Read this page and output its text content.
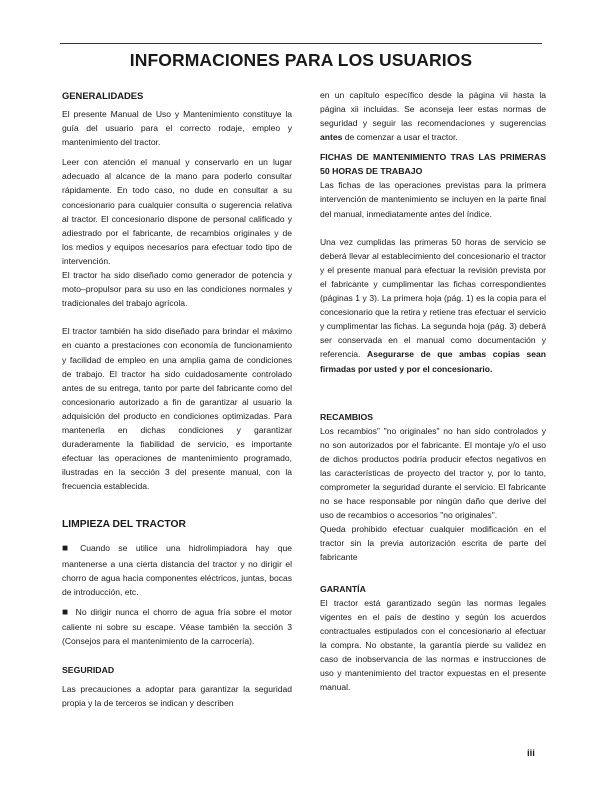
INFORMACIONES PARA LOS USUARIOS

GENERALIDADES

El presente Manual de Uso y Mantenimiento constituye la guía del usuario para el correcto rodaje, empleo y mantenimiento del tractor.

Leer con atención el manual y conservarlo en un lugar adecuado al alcance de la mano para poderlo consultar rápidamente. En todo caso, no dude en consultar a su concesionario para cualquier consulta o sugerencia relativa al tractor. El concesionario dispone de personal calificado y adiestrado por el fabricante, de recambios originales y de los medios y equipos necesarios para efectuar todo tipo de intervención.

El tractor ha sido diseñado como generador de potencia y moto–propulsor para su uso en las condiciones normales y tradicionales del trabajo agrícola.

El tractor también ha sido diseñado para brindar el máximo en cuanto a prestaciones con economía de funcionamiento y facilidad de empleo en una amplia gama de condiciones de trabajo. El tractor ha sido cuidadosamente controlado antes de su entrega, tanto por parte del fabricante como del concesionario autorizado a fin de garantizar al usuario la adquisición del producto en condiciones optimizadas. Para mantenerla en dichas condiciones y garantizar duraderamente la fiabilidad de servicio, es importante efectuar las operaciones de mantenimiento programado, ilustradas en la sección 3 del presente manual, con la frecuencia establecida.

LIMPIEZA DEL TRACTOR

■ Cuando se utilice una hidrolimpiadora hay que mantenerse a una cierta distancia del tractor y no dirigir el chorro de agua hacia componentes eléctricos, juntas, bocas de introducción, etc.

■ No dirigir nunca el chorro de agua fría sobre el motor caliente ni sobre su escape. Véase también la sección 3 (Consejos para el mantenimiento de la carrocería).

SEGURIDAD

Las precauciones a adoptar para garantizar la seguridad propia y la de terceros se indican y describen

en un capítulo específico desde la página vii hasta la página xii incluidas. Se aconseja leer estas normas de seguridad y seguir las recomendaciones y sugerencias antes de comenzar a usar el tractor.

FICHAS DE MANTENIMIENTO TRAS LAS PRIMERAS 50 HORAS DE TRABAJO

Las fichas de las operaciones previstas para la primera intervención de mantenimiento se incluyen en la parte final del manual, inmediatamente antes del índice.

Una vez cumplidas las primeras 50 horas de servicio se deberá llevar al establecimiento del concesionario el tractor y el presente manual para efectuar la revisión prevista por el fabricante y cumplimentar las fichas correspondientes (páginas 1 y 3). La primera hoja (pág. 1) es la copia para el concesionario que la retira y retiene tras efectuar el servicio y cumplimentar las fichas. La segunda hoja (pág. 3) deberá ser conservada en el manual como documentación y referencia. Asegurarse de que ambas copias sean firmadas por usted y por el concesionario.

RECAMBIOS

Los recambios" "no originales" no han sido controlados y no son autorizados por el fabricante. El montaje y/o el uso de dichos productos podría producir efectos negativos en las características de proyecto del tractor y, por lo tanto, comprometer la seguridad durante el servicio. El fabricante no se hace responsable por ningún daño que derive del uso de recambios o accesorios "no originales".

Queda prohibido efectuar cualquier modificación en el tractor sin la previa autorización escrita de parte del fabricante

GARANTÍA

El tractor está garantizado según las normas legales vigentes en el país de destino y según los acuerdos contractuales estipulados con el concesionario al efectuar la compra. No obstante, la garantía pierde su validez en caso de inobservancia de las normas e instrucciones de uso y mantenimiento del tractor expuestas en el presente manual.

iii
